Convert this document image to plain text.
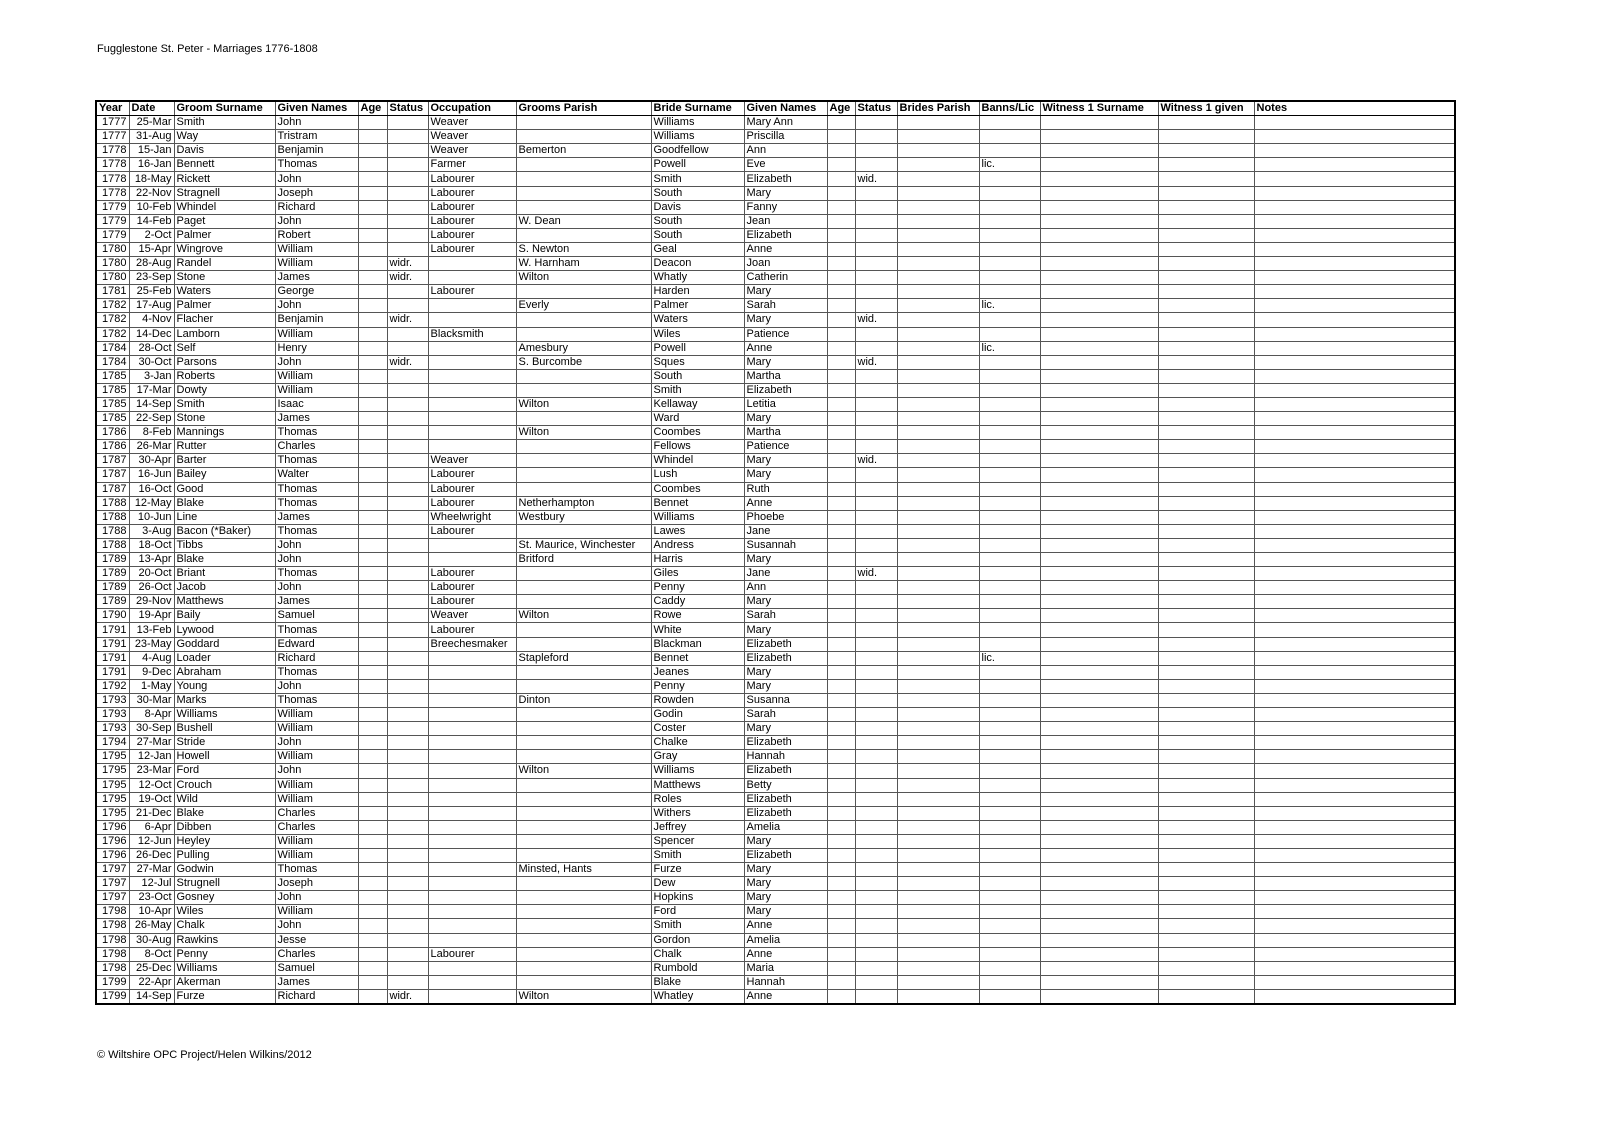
Fugglestone St. Peter - Marriages 1776-1808
Year	Date	Groom Surname	Given Names	Age	Status	Occupation	Grooms Parish	Bride Surname	Given Names	Age	Status	Brides Parish	Banns/Lic	Witness 1 Surname	Witness 1 given	Notes
1777	25-Mar	Smith	John			Weaver		Williams	Mary Ann							
1777	31-Aug	Way	Tristram			Weaver		Williams	Priscilla							
1778	15-Jan	Davis	Benjamin			Weaver	Bemerton	Goodfellow	Ann							
1778	16-Jan	Bennett	Thomas			Farmer		Powell	Eve				lic.			
1778	18-May	Rickett	John			Labourer		Smith	Elizabeth		wid.					
1778	22-Nov	Stragnell	Joseph			Labourer		South	Mary							
1779	10-Feb	Whindel	Richard			Labourer		Davis	Fanny							
1779	14-Feb	Paget	John			Labourer	W. Dean	South	Jean							
1779	2-Oct	Palmer	Robert			Labourer		South	Elizabeth							
1780	15-Apr	Wingrove	William			Labourer	S. Newton	Geal	Anne							
1780	28-Aug	Randel	William		widr.		W. Harnham	Deacon	Joan							
1780	23-Sep	Stone	James		widr.		Wilton	Whatly	Catherin							
1781	25-Feb	Waters	George			Labourer		Harden	Mary							
1782	17-Aug	Palmer	John				Everly	Palmer	Sarah				lic.			
1782	4-Nov	Flacher	Benjamin		widr.			Waters	Mary		wid.					
1782	14-Dec	Lamborn	William			Blacksmith		Wiles	Patience							
1784	28-Oct	Self	Henry				Amesbury	Powell	Anne				lic.			
1784	30-Oct	Parsons	John		widr.		S. Burcombe	Sques	Mary		wid.					
1785	3-Jan	Roberts	William					South	Martha							
1785	17-Mar	Dowty	William					Smith	Elizabeth							
1785	14-Sep	Smith	Isaac				Wilton	Kellaway	Letitia							
1785	22-Sep	Stone	James					Ward	Mary							
1786	8-Feb	Mannings	Thomas				Wilton	Coombes	Martha							
1786	26-Mar	Rutter	Charles					Fellows	Patience							
1787	30-Apr	Barter	Thomas			Weaver		Whindel	Mary		wid.					
1787	16-Jun	Bailey	Walter			Labourer		Lush	Mary							
1787	16-Oct	Good	Thomas			Labourer		Coombes	Ruth							
1788	12-May	Blake	Thomas			Labourer	Netherhampton	Bennet	Anne							
1788	10-Jun	Line	James			Wheelwright	Westbury	Williams	Phoebe							
1788	3-Aug	Bacon (*Baker)	Thomas			Labourer		Lawes	Jane							
1788	18-Oct	Tibbs	John				St. Maurice, Winchester	Andress	Susannah							
1789	13-Apr	Blake	John				Britford	Harris	Mary							
1789	20-Oct	Briant	Thomas			Labourer		Giles	Jane		wid.					
1789	26-Oct	Jacob	John			Labourer		Penny	Ann							
1789	29-Nov	Matthews	James			Labourer		Caddy	Mary							
1790	19-Apr	Baily	Samuel			Weaver	Wilton	Rowe	Sarah							
1791	13-Feb	Lywood	Thomas			Labourer		White	Mary							
1791	23-May	Goddard	Edward			Breechesmaker		Blackman	Elizabeth							
1791	4-Aug	Loader	Richard				Stapleford	Bennet	Elizabeth				lic.			
1791	9-Dec	Abraham	Thomas					Jeanes	Mary							
1792	1-May	Young	John					Penny	Mary							
1793	30-Mar	Marks	Thomas				Dinton	Rowden	Susanna							
1793	8-Apr	Williams	William					Godin	Sarah							
1793	30-Sep	Bushell	William					Coster	Mary							
1794	27-Mar	Stride	John					Chalke	Elizabeth							
1795	12-Jan	Howell	William					Gray	Hannah							
1795	23-Mar	Ford	John				Wilton	Williams	Elizabeth							
1795	12-Oct	Crouch	William					Matthews	Betty							
1795	19-Oct	Wild	William					Roles	Elizabeth							
1795	21-Dec	Blake	Charles					Withers	Elizabeth							
1796	6-Apr	Dibben	Charles					Jeffrey	Amelia							
1796	12-Jun	Heyley	William					Spencer	Mary							
1796	26-Dec	Pulling	William					Smith	Elizabeth							
1797	27-Mar	Godwin	Thomas				Minsted, Hants	Furze	Mary							
1797	12-Jul	Strugnell	Joseph					Dew	Mary							
1797	23-Oct	Gosney	John					Hopkins	Mary							
1798	10-Apr	Wiles	William					Ford	Mary							
1798	26-May	Chalk	John					Smith	Anne							
1798	30-Aug	Rawkins	Jesse					Gordon	Amelia							
1798	8-Oct	Penny	Charles			Labourer		Chalk	Anne							
1798	25-Dec	Williams	Samuel					Rumbold	Maria							
1799	22-Apr	Akerman	James					Blake	Hannah							
1799	14-Sep	Furze	Richard		widr.		Wilton	Whatley	Anne							
© Wiltshire OPC Project/Helen Wilkins/2012
